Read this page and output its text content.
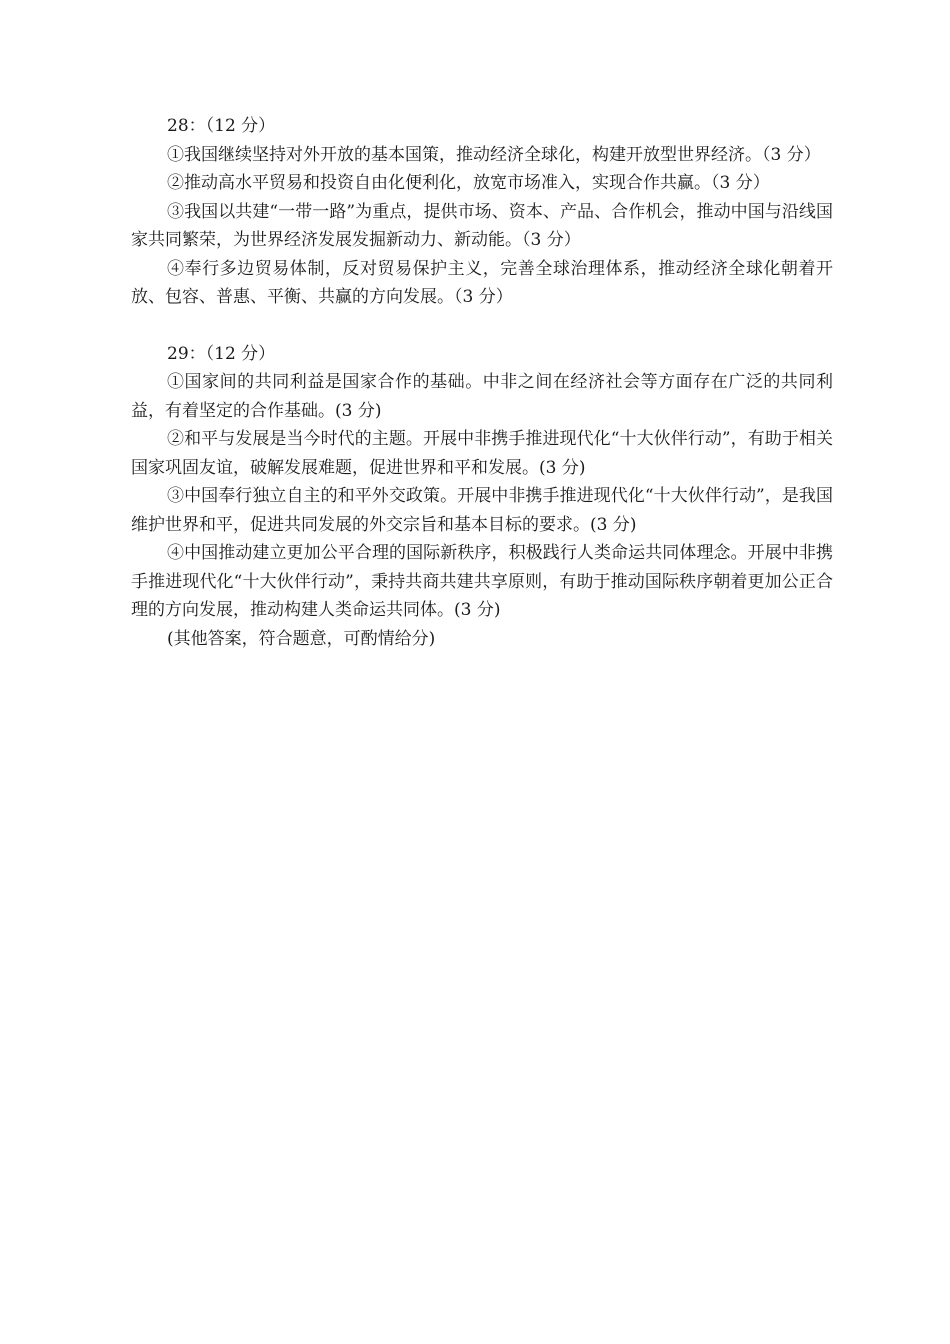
28：（12 分）

①我国继续坚持对外开放的基本国策，推动经济全球化，构建开放型世界经济。（3 分）

②推动高水平贸易和投资自由化便利化，放宽市场准入，实现合作共赢。（3 分）

③我国以共建“一带一路”为重点，提供市场、资本、产品、合作机会，推动中国与沿线国家共同繁荣，为世界经济发展发掘新动力、新动能。（3 分）

④奉行多边贸易体制，反对贸易保护主义，完善全球治理体系，推动经济全球化朝着开放、包容、普惠、平衡、共赢的方向发展。（3 分）

29：（12 分）

①国家间的共同利益是国家合作的基础。中非之间在经济社会等方面存在广泛的共同利益，有着坚定的合作基础。(3 分)

②和平与发展是当今时代的主题。开展中非携手推进现代化“十大伙伴行动”，有助于相关国家巩固友谊，破解发展难题，促进世界和平和发展。(3 分)

③中国奉行独立自主的和平外交政策。开展中非携手推进现代化“十大伙伴行动”，是我国维护世界和平，促进共同发展的外交宗旨和基本目标的要求。(3 分)

④中国推动建立更加公平合理的国际新秩序，积极践行人类命运共同体理念。开展中非携手推进现代化“十大伙伴行动”，秉持共商共建共享原则，有助于推动国际秩序朝着更加公正合理的方向发展，推动构建人类命运共同体。(3 分)

(其他答案，符合题意，可酌情给分)
